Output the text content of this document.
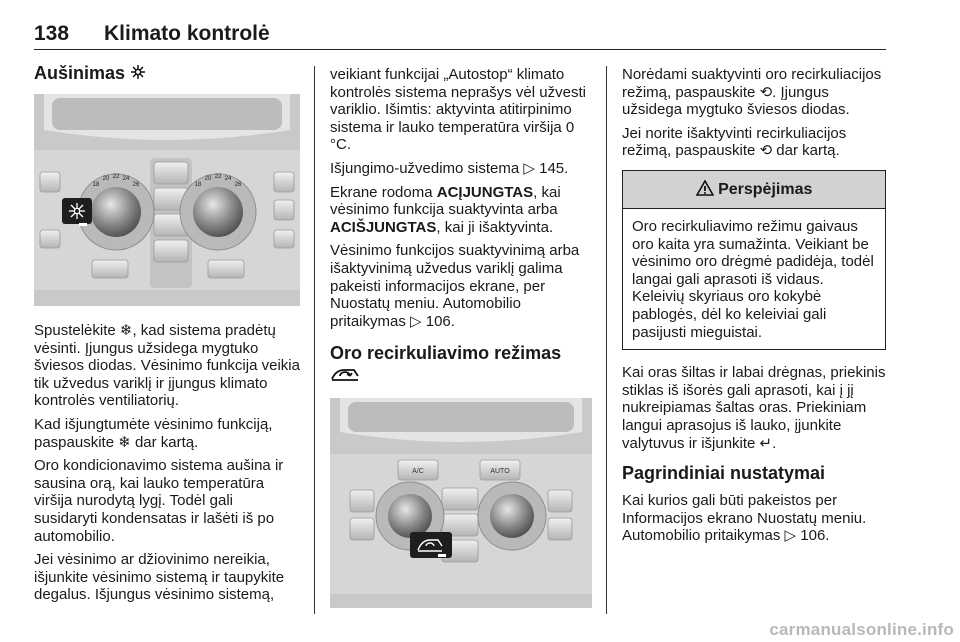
138 Klimato kontrolė
Aušinimas
18
20 22 24
26	18
20 22 24
26

Spustelėkite ❄, kad sistema pradėtų vėsinti. Įjungus užsidega mygtuko šviesos diodas. Vėsinimo funkcija veikia tik užvedus variklį ir įjungus klimato kontrolės ventiliatorių.

Kad išjungtumėte vėsinimo funkciją, paspauskite ❄ dar kartą.

Oro kondicionavimo sistema aušina ir sausina orą, kai lauko temperatūra viršija nurodytą lygį. Todėl gali susidaryti kondensatas ir lašėti iš po automobilio.

Jei vėsinimo ar džiovinimo nereikia, išjunkite vėsinimo sistemą ir taupykite degalus. Išjungus vėsinimo sistemą,

veikiant funkcijai „Autostop“ klimato kontrolės sistema neprašys vėl užvesti variklio. Išimtis: aktyvinta atitirpinimo sistema ir lauko temperatūra viršija 0 °C.

Išjungimo-užvedimo sistema ▷ 145.

Ekrane rodoma ACĮJUNGTAS, kai vėsinimo funkcija suaktyvinta arba ACIŠJUNGTAS, kai ji išaktyvinta.

Vėsinimo funkcijos suaktyvinimą arba išaktyvinimą užvedus variklį galima pakeisti informacijos ekrane, per Nuostatų meniu. Automobilio pritaikymas ▷ 106.

Oro recirkuliavimo režimas
A/C	AUTO

Norėdami suaktyvinti oro recirkuliacijos režimą, paspauskite ⟲. Įjungus užsidega mygtuko šviesos diodas.

Jei norite išaktyvinti recirkuliacijos režimą, paspauskite ⟲ dar kartą.

Perspėjimas
Oro recirkuliavimo režimu gaivaus oro kaita yra sumažinta. Veikiant be vėsinimo oro drėgmė padidėja, todėl langai gali aprasoti iš vidaus. Keleivių skyriaus oro kokybė pablogės, dėl ko keleiviai gali pasijusti mieguistai.

Kai oras šiltas ir labai drėgnas, priekinis stiklas iš išorės gali aprasoti, kai į jį nukreipiamas šaltas oras. Priekiniam langui aprasojus iš lauko, įjunkite valytuvus ir išjunkite ↵.

Pagrindiniai nustatymai

Kai kurios gali būti pakeistos per Informacijos ekrano Nuostatų meniu. Automobilio pritaikymas ▷ 106.

carmanualsonline.info
